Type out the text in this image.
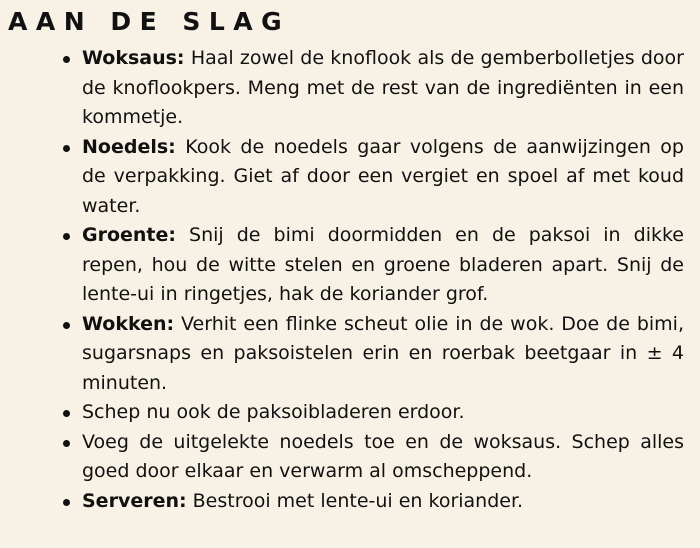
AAN DE SLAG
Woksaus: Haal zowel de knoflook als de gemberbolletjes door de knoflookpers. Meng met de rest van de ingrediënten in een kommetje.
Noedels: Kook de noedels gaar volgens de aanwijzingen op de verpakking. Giet af door een vergiet en spoel af met koud water.
Groente: Snij de bimi doormidden en de paksoi in dikke repen, hou de witte stelen en groene bladeren apart. Snij de lente-ui in ringetjes, hak de koriander grof.
Wokken: Verhit een flinke scheut olie in de wok. Doe de bimi, sugarsnaps en paksoistelen erin en roerbak beetgaar in ± 4 minuten.
Schep nu ook de paksoibladeren erdoor.
Voeg de uitgelekte noedels toe en de woksaus. Schep alles goed door elkaar en verwarm al omscheppend.
Serveren: Bestrooi met lente-ui en koriander.
